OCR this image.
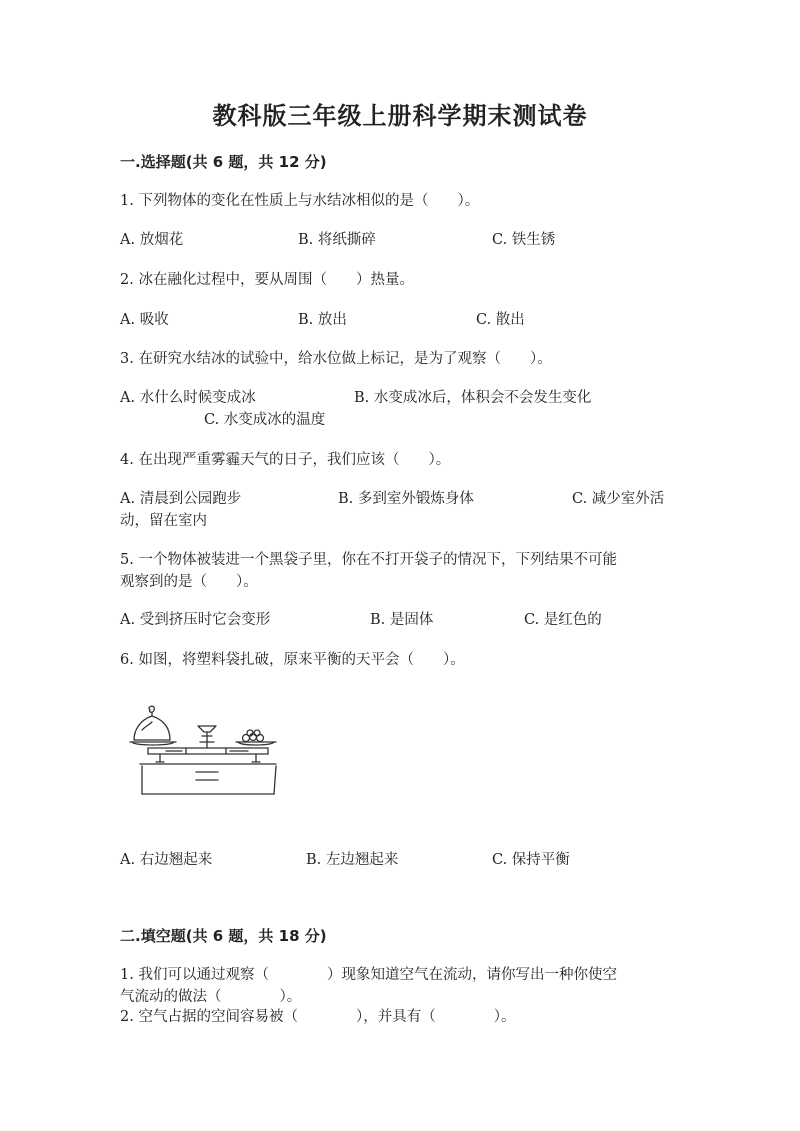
教科版三年级上册科学期末测试卷
一.选择题(共 6 题，共 12 分)
1. 下列物体的变化在性质上与水结冰相似的是（　　）。
A. 放烟花	B. 将纸撕碎	C. 铁生锈
2. 冰在融化过程中，要从周围（　　）热量。
A. 吸收	B. 放出	C. 散出
3. 在研究水结冰的试验中，给水位做上标记，是为了观察（　　）。
A. 水什么时候变成冰	B. 水变成冰后，体积会不会发生变化
C. 水变成冰的温度
4. 在出现严重雾霾天气的日子，我们应该（　　）。
A. 清晨到公园跑步	B. 多到室外锻炼身体	C. 减少室外活
动，留在室内
5. 一个物体被装进一个黑袋子里，你在不打开袋子的情况下，下列结果不可能
观察到的是（　　）。
A. 受到挤压时它会变形	B. 是固体	C. 是红色的
6. 如图，将塑料袋扎破，原来平衡的天平会（　　）。
A. 右边翘起来	B. 左边翘起来	C. 保持平衡
二.填空题(共 6 题，共 18 分)
1. 我们可以通过观察（　　　　）现象知道空气在流动，请你写出一种你使空
气流动的做法（　　　　）。
2. 空气占据的空间容易被（　　　　），并具有（　　　　）。
